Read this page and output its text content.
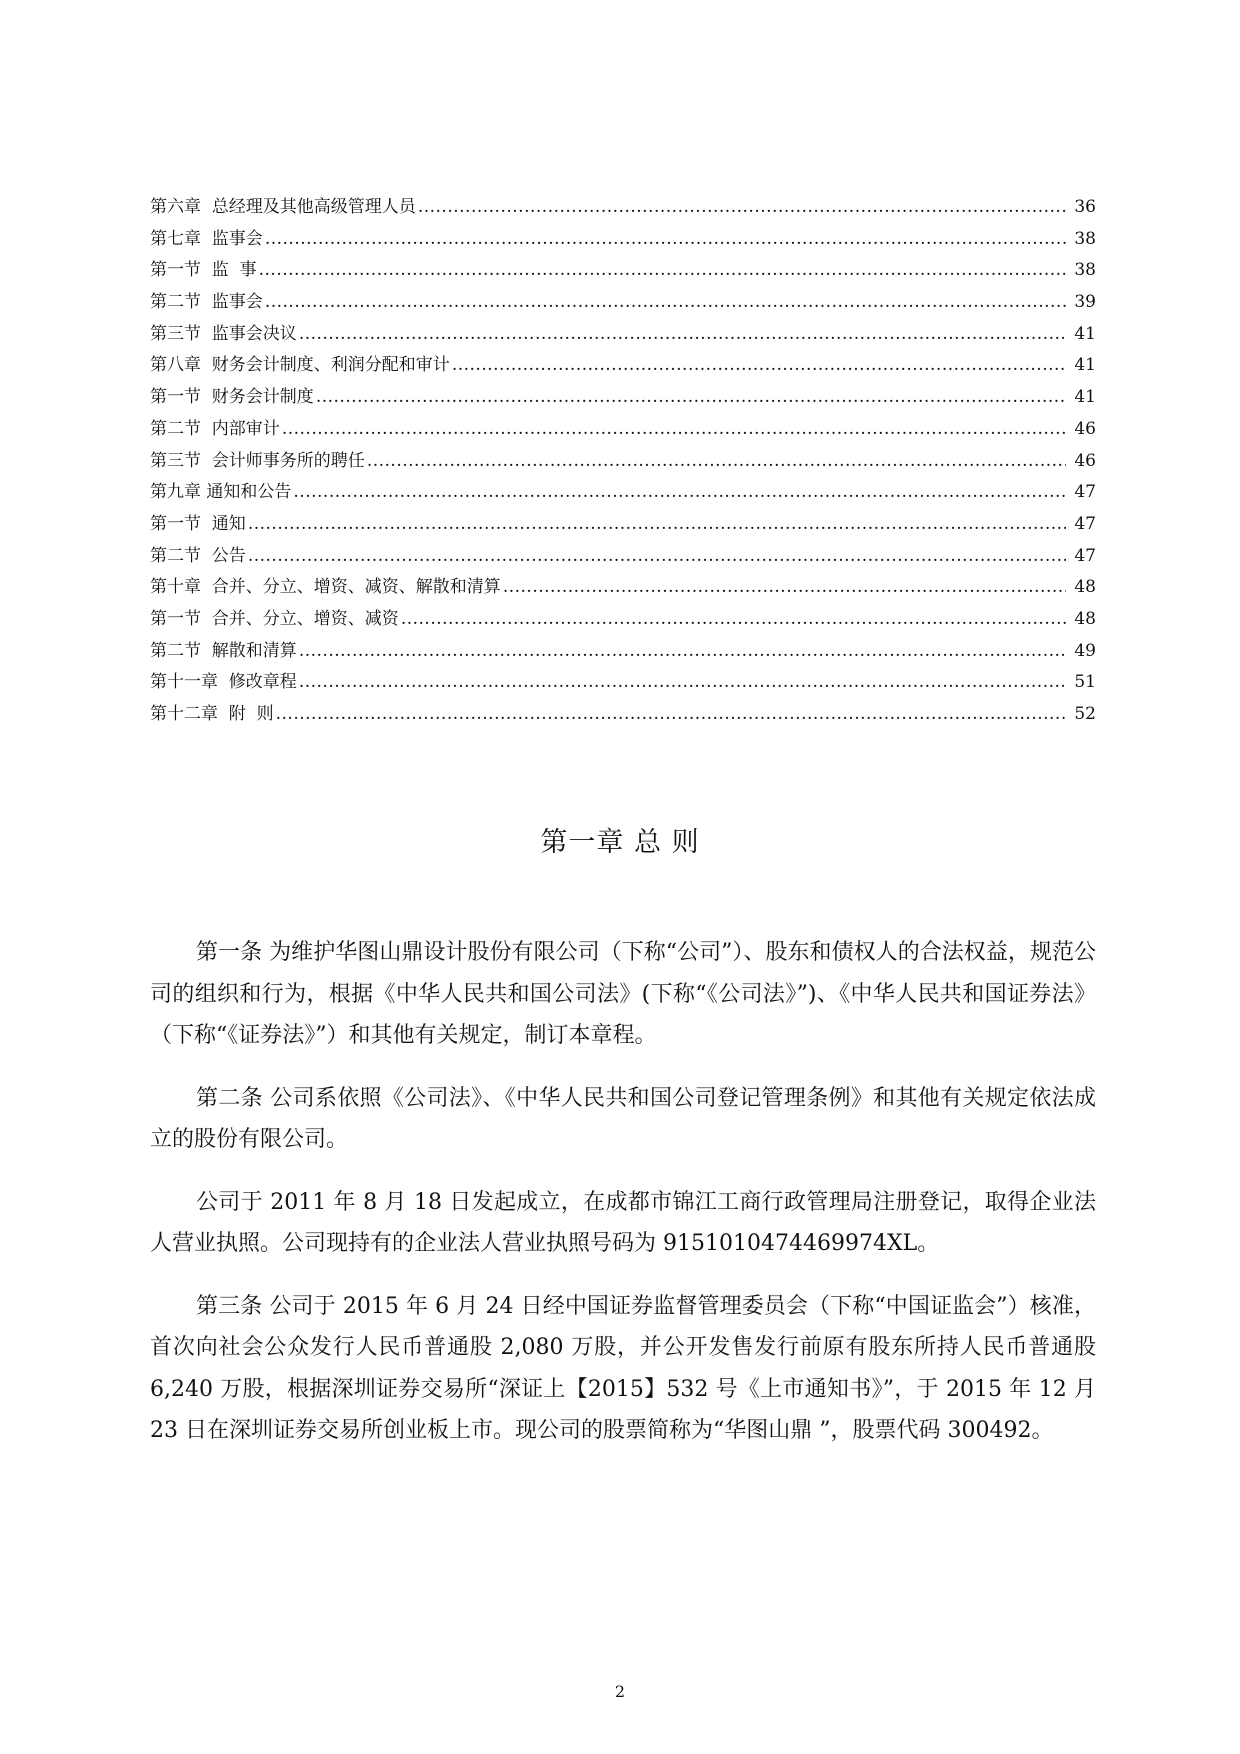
第六章  总经理及其他高级管理人员 .....	36
第七章  监事会 .....	38
第一节  监  事 .....	38
第二节  监事会 .....	39
第三节  监事会决议 .....	41
第八章  财务会计制度、利润分配和审计 .....	41
第一节  财务会计制度 .....	41
第二节  内部审计 .....	46
第三节  会计师事务所的聘任 .....	46
第九章 通知和公告 .....	47
第一节  通知 .....	47
第二节  公告 .....	47
第十章  合并、分立、增资、减资、解散和清算 .....	48
第一节  合并、分立、增资、减资 .....	48
第二节  解散和清算 .....	49
第十一章  修改章程 .....	51
第十二章  附  则 .....	52
第一章 总 则

第一条 为维护华图山鼎设计股份有限公司（下称“公司”）、股东和债权人的合法权益，规范公司的组织和行为，根据《中华人民共和国公司法》(下称“《公司法》”)、《中华人民共和国证券法》（下称“《证券法》”）和其他有关规定，制订本章程。

第二条 公司系依照《公司法》、《中华人民共和国公司登记管理条例》和其他有关规定依法成立的股份有限公司。

公司于 2011 年 8 月 18 日发起成立，在成都市锦江工商行政管理局注册登记，取得企业法人营业执照。公司现持有的企业法人营业执照号码为 9151010474469974XL。

第三条 公司于 2015 年 6 月 24 日经中国证券监督管理委员会（下称“中国证监会”）核准，首次向社会公众发行人民币普通股 2,080 万股，并公开发售发行前原有股东所持人民币普通股 6,240 万股，根据深圳证券交易所“深证上【2015】532 号《上市通知书》”，于 2015 年 12 月 23 日在深圳证券交易所创业板上市。现公司的股票简称为“华图山鼎 ”，股票代码 300492。

2
